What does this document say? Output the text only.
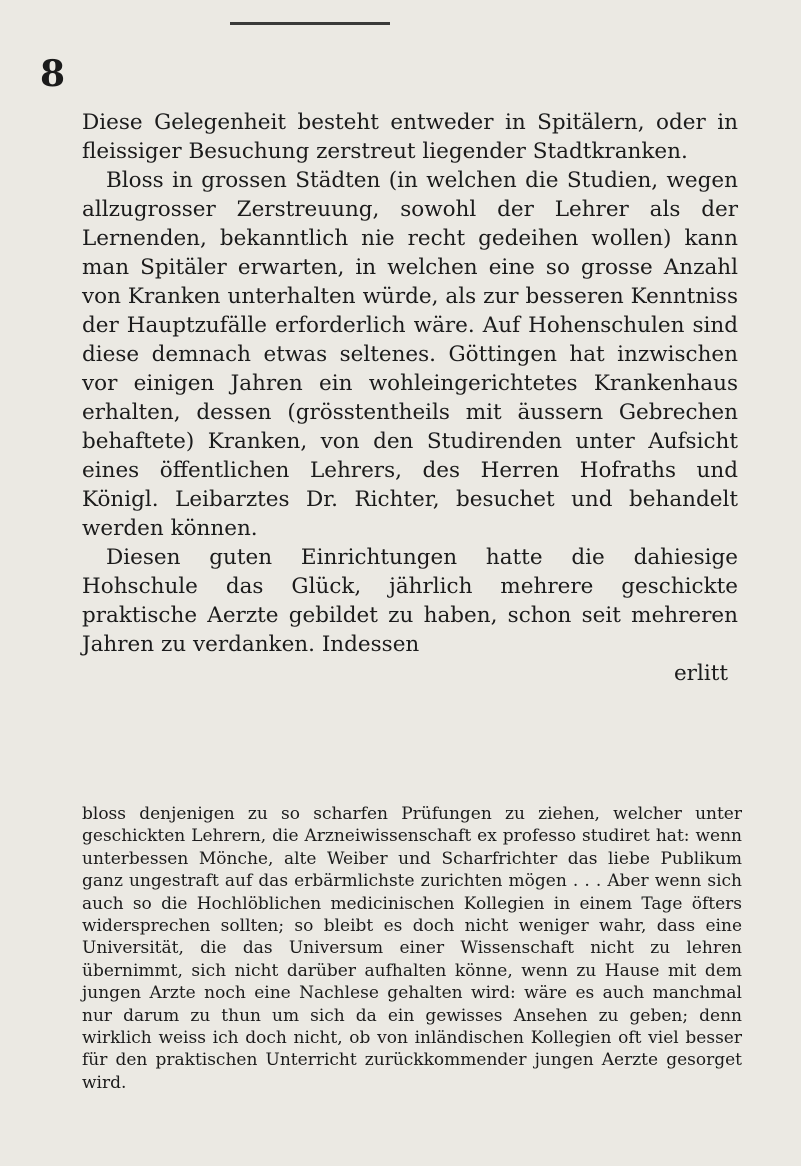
8

Diese Gelegenheit besteht entweder in Spitälern, oder in fleissiger Besuchung zerstreut liegender Stadtkranken.

Bloss in grossen Städten (in welchen die Studien, wegen allzugrosser Zerstreuung, sowohl der Lehrer als der Lernenden, bekanntlich nie recht gedeihen wollen) kann man Spitäler erwarten, in welchen eine so grosse Anzahl von Kranken unterhalten würde, als zur besseren Kenntniss der Hauptzufälle erforderlich wäre. Auf Hohenschulen sind diese demnach etwas seltenes. Göttingen hat inzwischen vor einigen Jahren ein wohleingerichtetes Krankenhaus erhalten, dessen (grösstentheils mit äussern Gebrechen behaftete) Kranken, von den Studirenden unter Aufsicht eines öffentlichen Lehrers, des Herren Hofraths und Königl. Leibarztes Dr. Richter, besuchet und behandelt werden können.

Diesen guten Einrichtungen hatte die dahiesige Hohschule das Glück, jährlich mehrere geschickte praktische Aerzte gebildet zu haben, schon seit mehreren Jahren zu verdanken. Indessen

erlitt

bloss denjenigen zu so scharfen Prüfungen zu ziehen, welcher unter geschickten Lehrern, die Arzneiwissenschaft ex professo studiret hat: wenn unterbessen Mönche, alte Weiber und Scharfrichter das liebe Publikum ganz ungestraft auf das erbärmlichste zurichten mögen . . . Aber wenn sich auch so die Hochlöblichen medicinischen Kollegien in einem Tage öfters widersprechen sollten; so bleibt es doch nicht weniger wahr, dass eine Universität, die das Universum einer Wissenschaft nicht zu lehren übernimmt, sich nicht darüber aufhalten könne, wenn zu Hause mit dem jungen Arzte noch eine Nachlese gehalten wird: wäre es auch manchmal nur darum zu thun um sich da ein gewisses Ansehen zu geben; denn wirklich weiss ich doch nicht, ob von inländischen Kollegien oft viel besser für den praktischen Unterricht zurückkommender jungen Aerzte gesorget wird.
